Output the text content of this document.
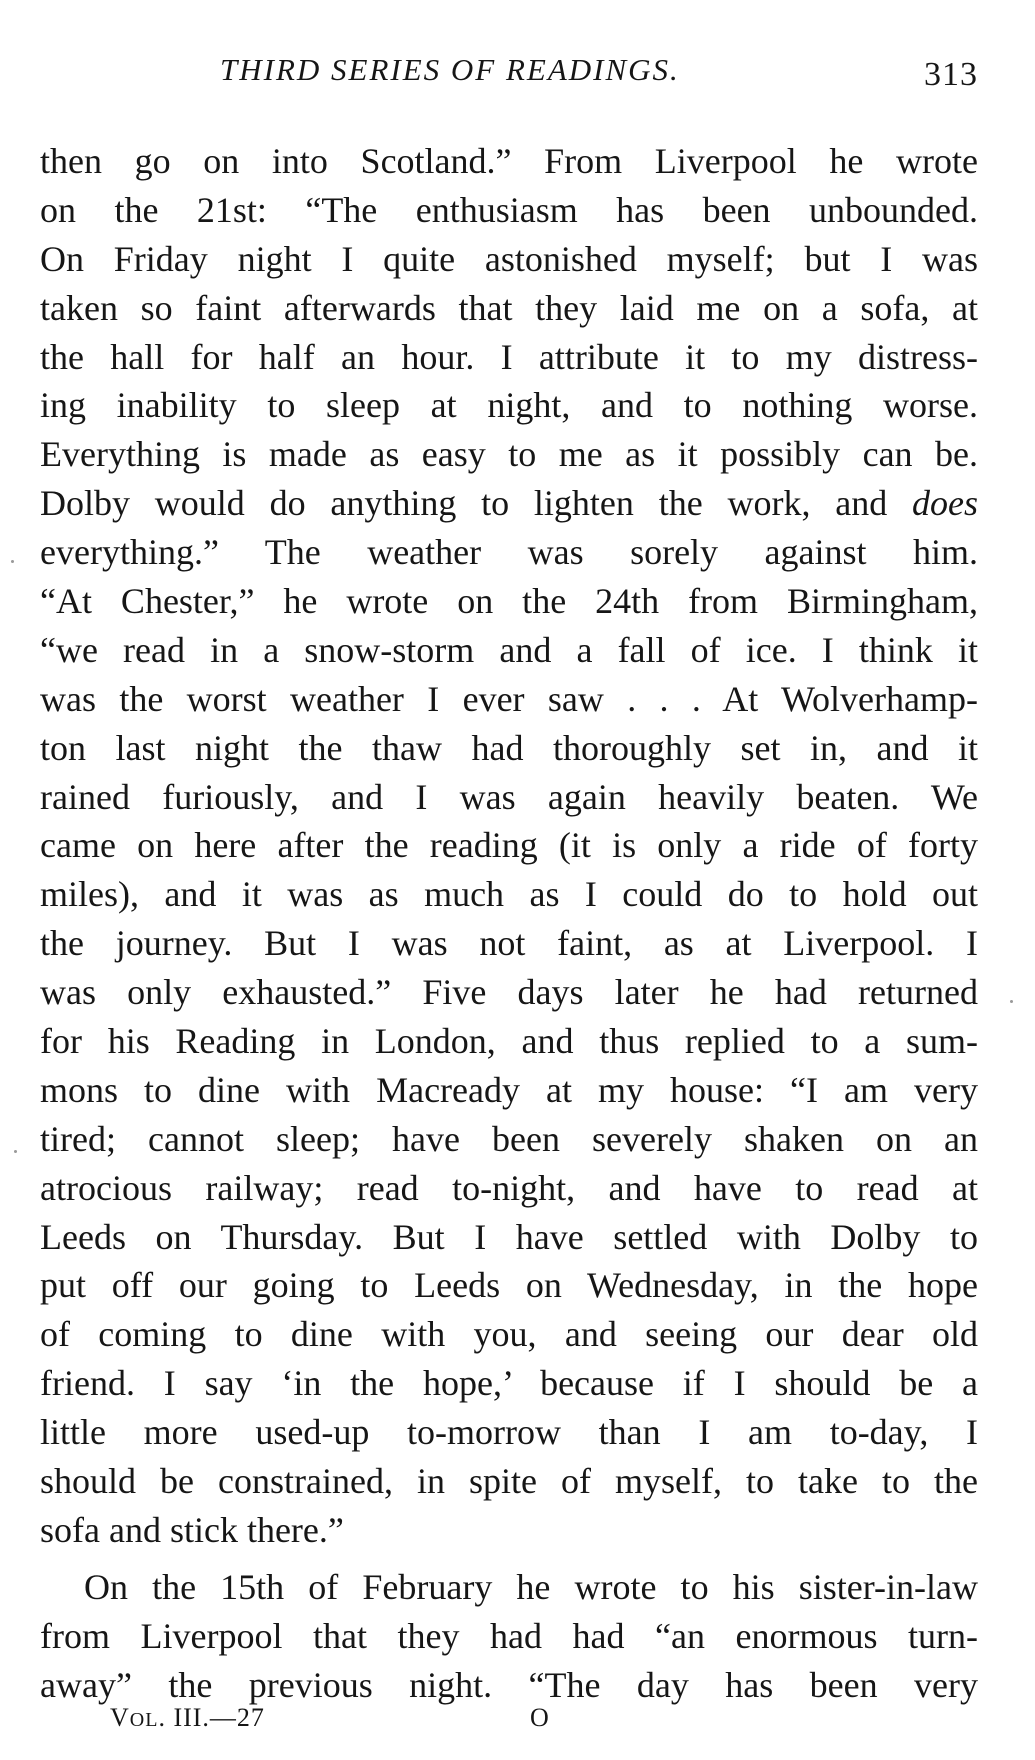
THIRD SERIES OF READINGS.	313
then go on into Scotland.” From Liverpool he wrote
on the 21st: “The enthusiasm has been unbounded.
On Friday night I quite astonished myself; but I was
taken so faint afterwards that they laid me on a sofa, at
the hall for half an hour. I attribute it to my distress-
ing inability to sleep at night, and to nothing worse.
Everything is made as easy to me as it possibly can be.
Dolby would do anything to lighten the work, and does
everything.” The weather was sorely against him.
“At Chester,” he wrote on the 24th from Birmingham,
“we read in a snow-storm and a fall of ice. I think it
was the worst weather I ever saw . . . At Wolverhamp-
ton last night the thaw had thoroughly set in, and it
rained furiously, and I was again heavily beaten. We
came on here after the reading (it is only a ride of forty
miles), and it was as much as I could do to hold out
the journey. But I was not faint, as at Liverpool. I
was only exhausted.” Five days later he had returned
for his Reading in London, and thus replied to a sum-
mons to dine with Macready at my house: “I am very
tired; cannot sleep; have been severely shaken on an
atrocious railway; read to-night, and have to read at
Leeds on Thursday. But I have settled with Dolby to
put off our going to Leeds on Wednesday, in the hope
of coming to dine with you, and seeing our dear old
friend. I say ‘in the hope,’ because if I should be a
little more used-up to-morrow than I am to-day, I
should be constrained, in spite of myself, to take to the
sofa and stick there.”
On the 15th of February he wrote to his sister-in-law
from Liverpool that they had had “an enormous turn-
away” the previous night. “The day has been very
VOL. III.—27	O
